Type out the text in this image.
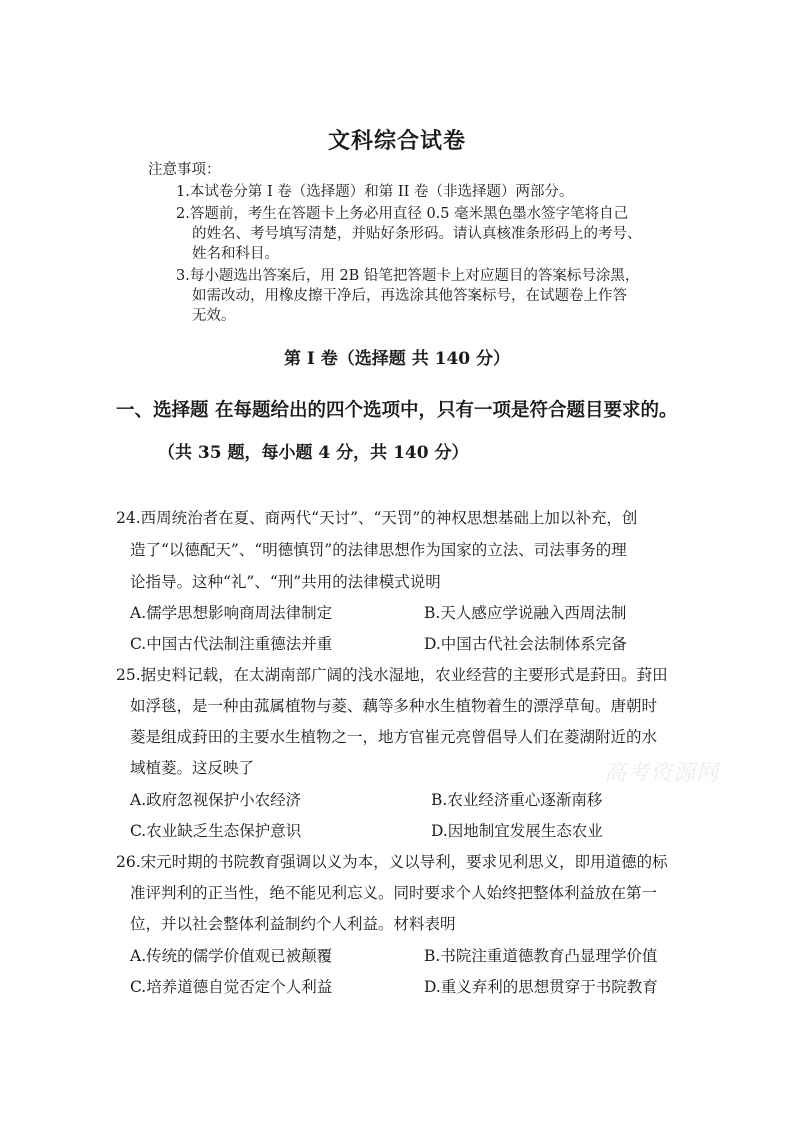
文科综合试卷
注意事项：
1.本试卷分第 I 卷（选择题）和第 II 卷（非选择题）两部分。
2.答题前，考生在答题卡上务必用直径 0.5 毫米黑色墨水签字笔将自己
的姓名、考号填写清楚，并贴好条形码。请认真核准条形码上的考号、
姓名和科目。
3.每小题选出答案后，用 2B 铅笔把答题卡上对应题目的答案标号涂黑，
如需改动，用橡皮擦干净后，再选涂其他答案标号，在试题卷上作答
无效。
第 I 卷（选择题 共 140 分）
一、选择题 在每题给出的四个选项中，只有一项是符合题目要求的。
（共 35 题，每小题 4 分，共 140 分）
24.西周统治者在夏、商两代“天讨”、“天罚”的神权思想基础上加以补充，创
造了“以德配天”、“明德慎罚”的法律思想作为国家的立法、司法事务的理
论指导。这种“礼”、“刑”共用的法律模式说明
A.儒学思想影响商周法律制定	B.天人感应学说融入西周法制
C.中国古代法制注重德法并重	D.中国古代社会法制体系完备
25.据史料记载，在太湖南部广阔的浅水湿地，农业经营的主要形式是葑田。葑田
如浮毯，是一种由菰属植物与菱、藕等多种水生植物着生的漂浮草甸。唐朝时
菱是组成葑田的主要水生植物之一，地方官崔元亮曾倡导人们在菱湖附近的水
域植菱。这反映了
A.政府忽视保护小农经济	B.农业经济重心逐渐南移
C.农业缺乏生态保护意识	D.因地制宜发展生态农业
26.宋元时期的书院教育强调以义为本，义以导利，要求见利思义，即用道德的标
准评判利的正当性，绝不能见利忘义。同时要求个人始终把整体利益放在第一
位，并以社会整体利益制约个人利益。材料表明
A.传统的儒学价值观已被颠覆	B.书院注重道德教育凸显理学价值
C.培养道德自觉否定个人利益	D.重义弃利的思想贯穿于书院教育
高考资源网
